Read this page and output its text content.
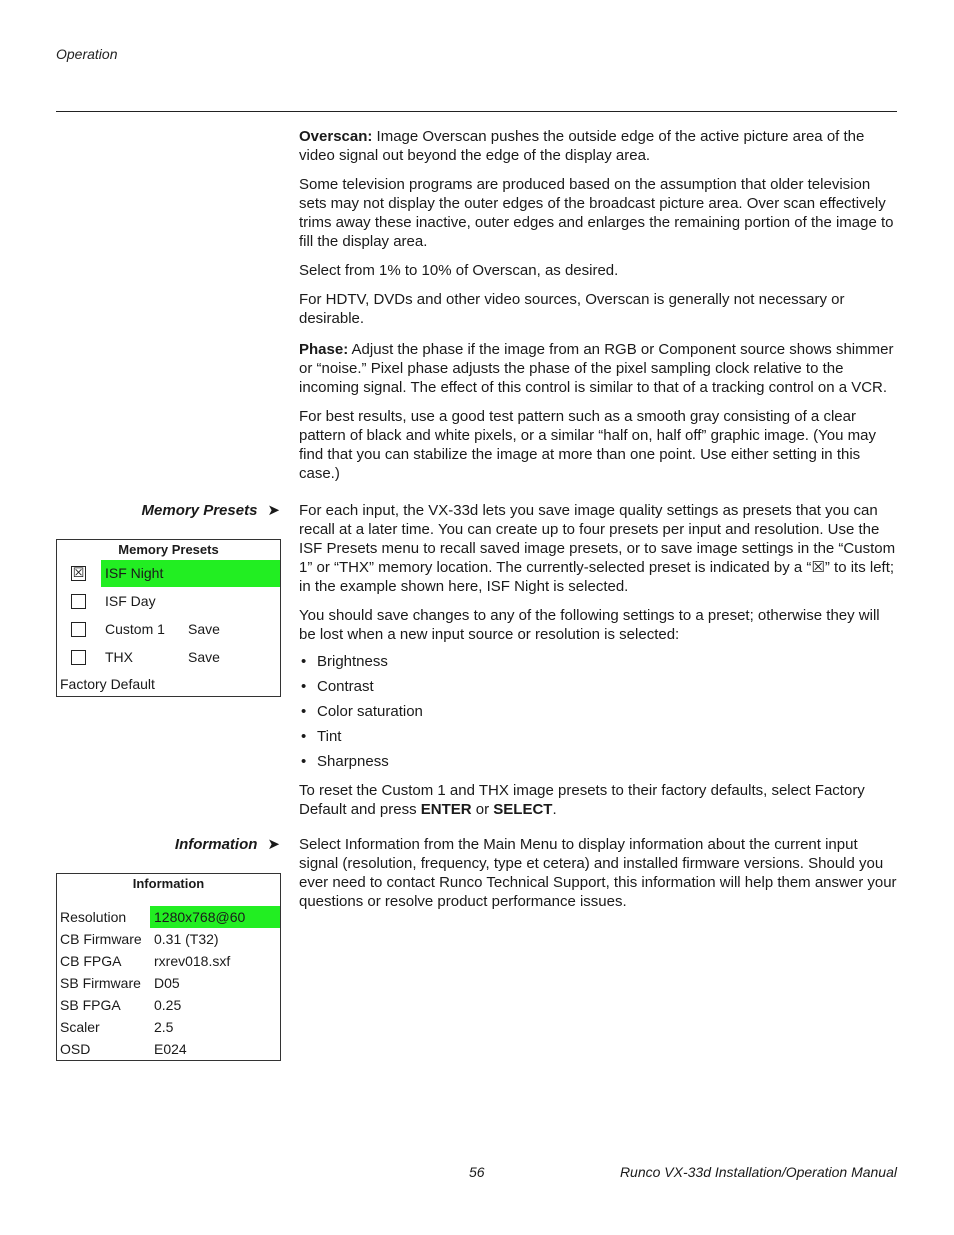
Operation

Overscan: Image Overscan pushes the outside edge of the active picture area of the video signal out beyond the edge of the display area.

Some television programs are produced based on the assumption that older television sets may not display the outer edges of the broadcast picture area. Over scan effectively trims away these inactive, outer edges and enlarges the remaining portion of the image to fill the display area.

Select from 1% to 10% of Overscan, as desired.

For HDTV, DVDs and other video sources, Overscan is generally not necessary or desirable.

Phase: Adjust the phase if the image from an RGB or Component source shows shimmer or “noise.” Pixel phase adjusts the phase of the pixel sampling clock relative to the incoming signal. The effect of this control is similar to that of a tracking control on a VCR.

For best results, use a good test pattern such as a smooth gray consisting of a clear pattern of black and white pixels, or a similar “half on, half off” graphic image. (You may find that you can stabilize the image at more than one point. Use either setting in this case.)

Memory Presets ➤ For each input, the VX-33d lets you save image quality settings as presets that you can recall at a later time. You can create up to four presets per input and resolution. Use the ISF Presets menu to recall saved image presets, or to save image settings in the “Custom 1” or “THX” memory location. The currently-selected preset is indicated by a “☒” to its left; in the example shown here, ISF Night is selected.

You should save changes to any of the following settings to a preset; otherwise they will be lost when a new input source or resolution is selected:

• Brightness
• Contrast
• Color saturation
• Tint
• Sharpness

To reset the Custom 1 and THX image presets to their factory defaults, select Factory Default and press ENTER or SELECT.

Memory Presets
☒ ISF Night
ISF Day
Custom 1	Save
THX	Save
Factory Default
Information ➤ Select Information from the Main Menu to display information about the current input signal (resolution, frequency, type et cetera) and installed firmware versions. Should you ever need to contact Runco Technical Support, this information will help them answer your questions or resolve product performance issues.

Information
Resolution 1280x768@60
CB Firmware 0.31 (T32)
CB FPGA rxrev018.sxf
SB Firmware D05
SB FPGA 0.25
Scaler	2.5
OSD	E024
56	Runco VX-33d Installation/Operation Manual
